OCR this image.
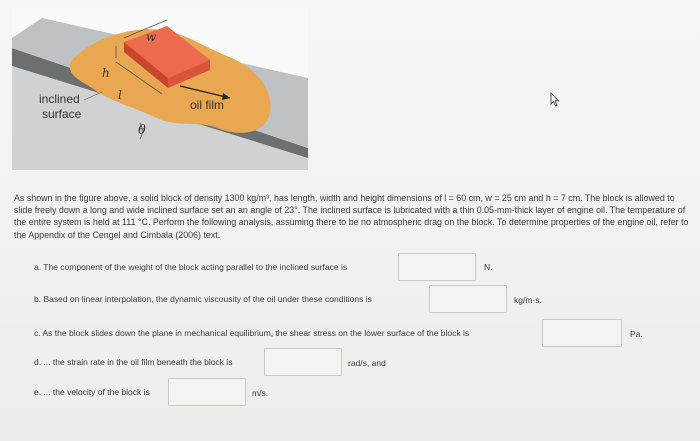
w
h
l
inclined
surface
oil film
θ

As shown in the figure above, a solid block of density 1300 kg/m³, has length, width and height dimensions of l = 60 cm, w = 25 cm and h = 7 cm. The block is allowed to slide freely down a long and wide inclined surface set an an angle of 23°. The inclined surface is lubricated with a thin 0.05-mm-thick layer of engine oil. The temperature of the entire system is held at 111 °C. Perform the following analysis, assuming there to be no atmospheric drag on the block. To determine properties of the engine oil, refer to the Appendix of the Cengel and Cimbala (2006) text.

a. The component of the weight of the block acting parallel to the inclined surface is	N.
b. Based on linear interpolation, the dynamic viscousity of the oil under these conditions is	kg/m·s.
c. As the block slides down the plane in mechanical equilibrium, the shear stress on the lower surface of the block is	Pa.
d. ... the strain rate in the oil film beneath the block is	rad/s, and
e. ... the velocity of the block is	m/s.
